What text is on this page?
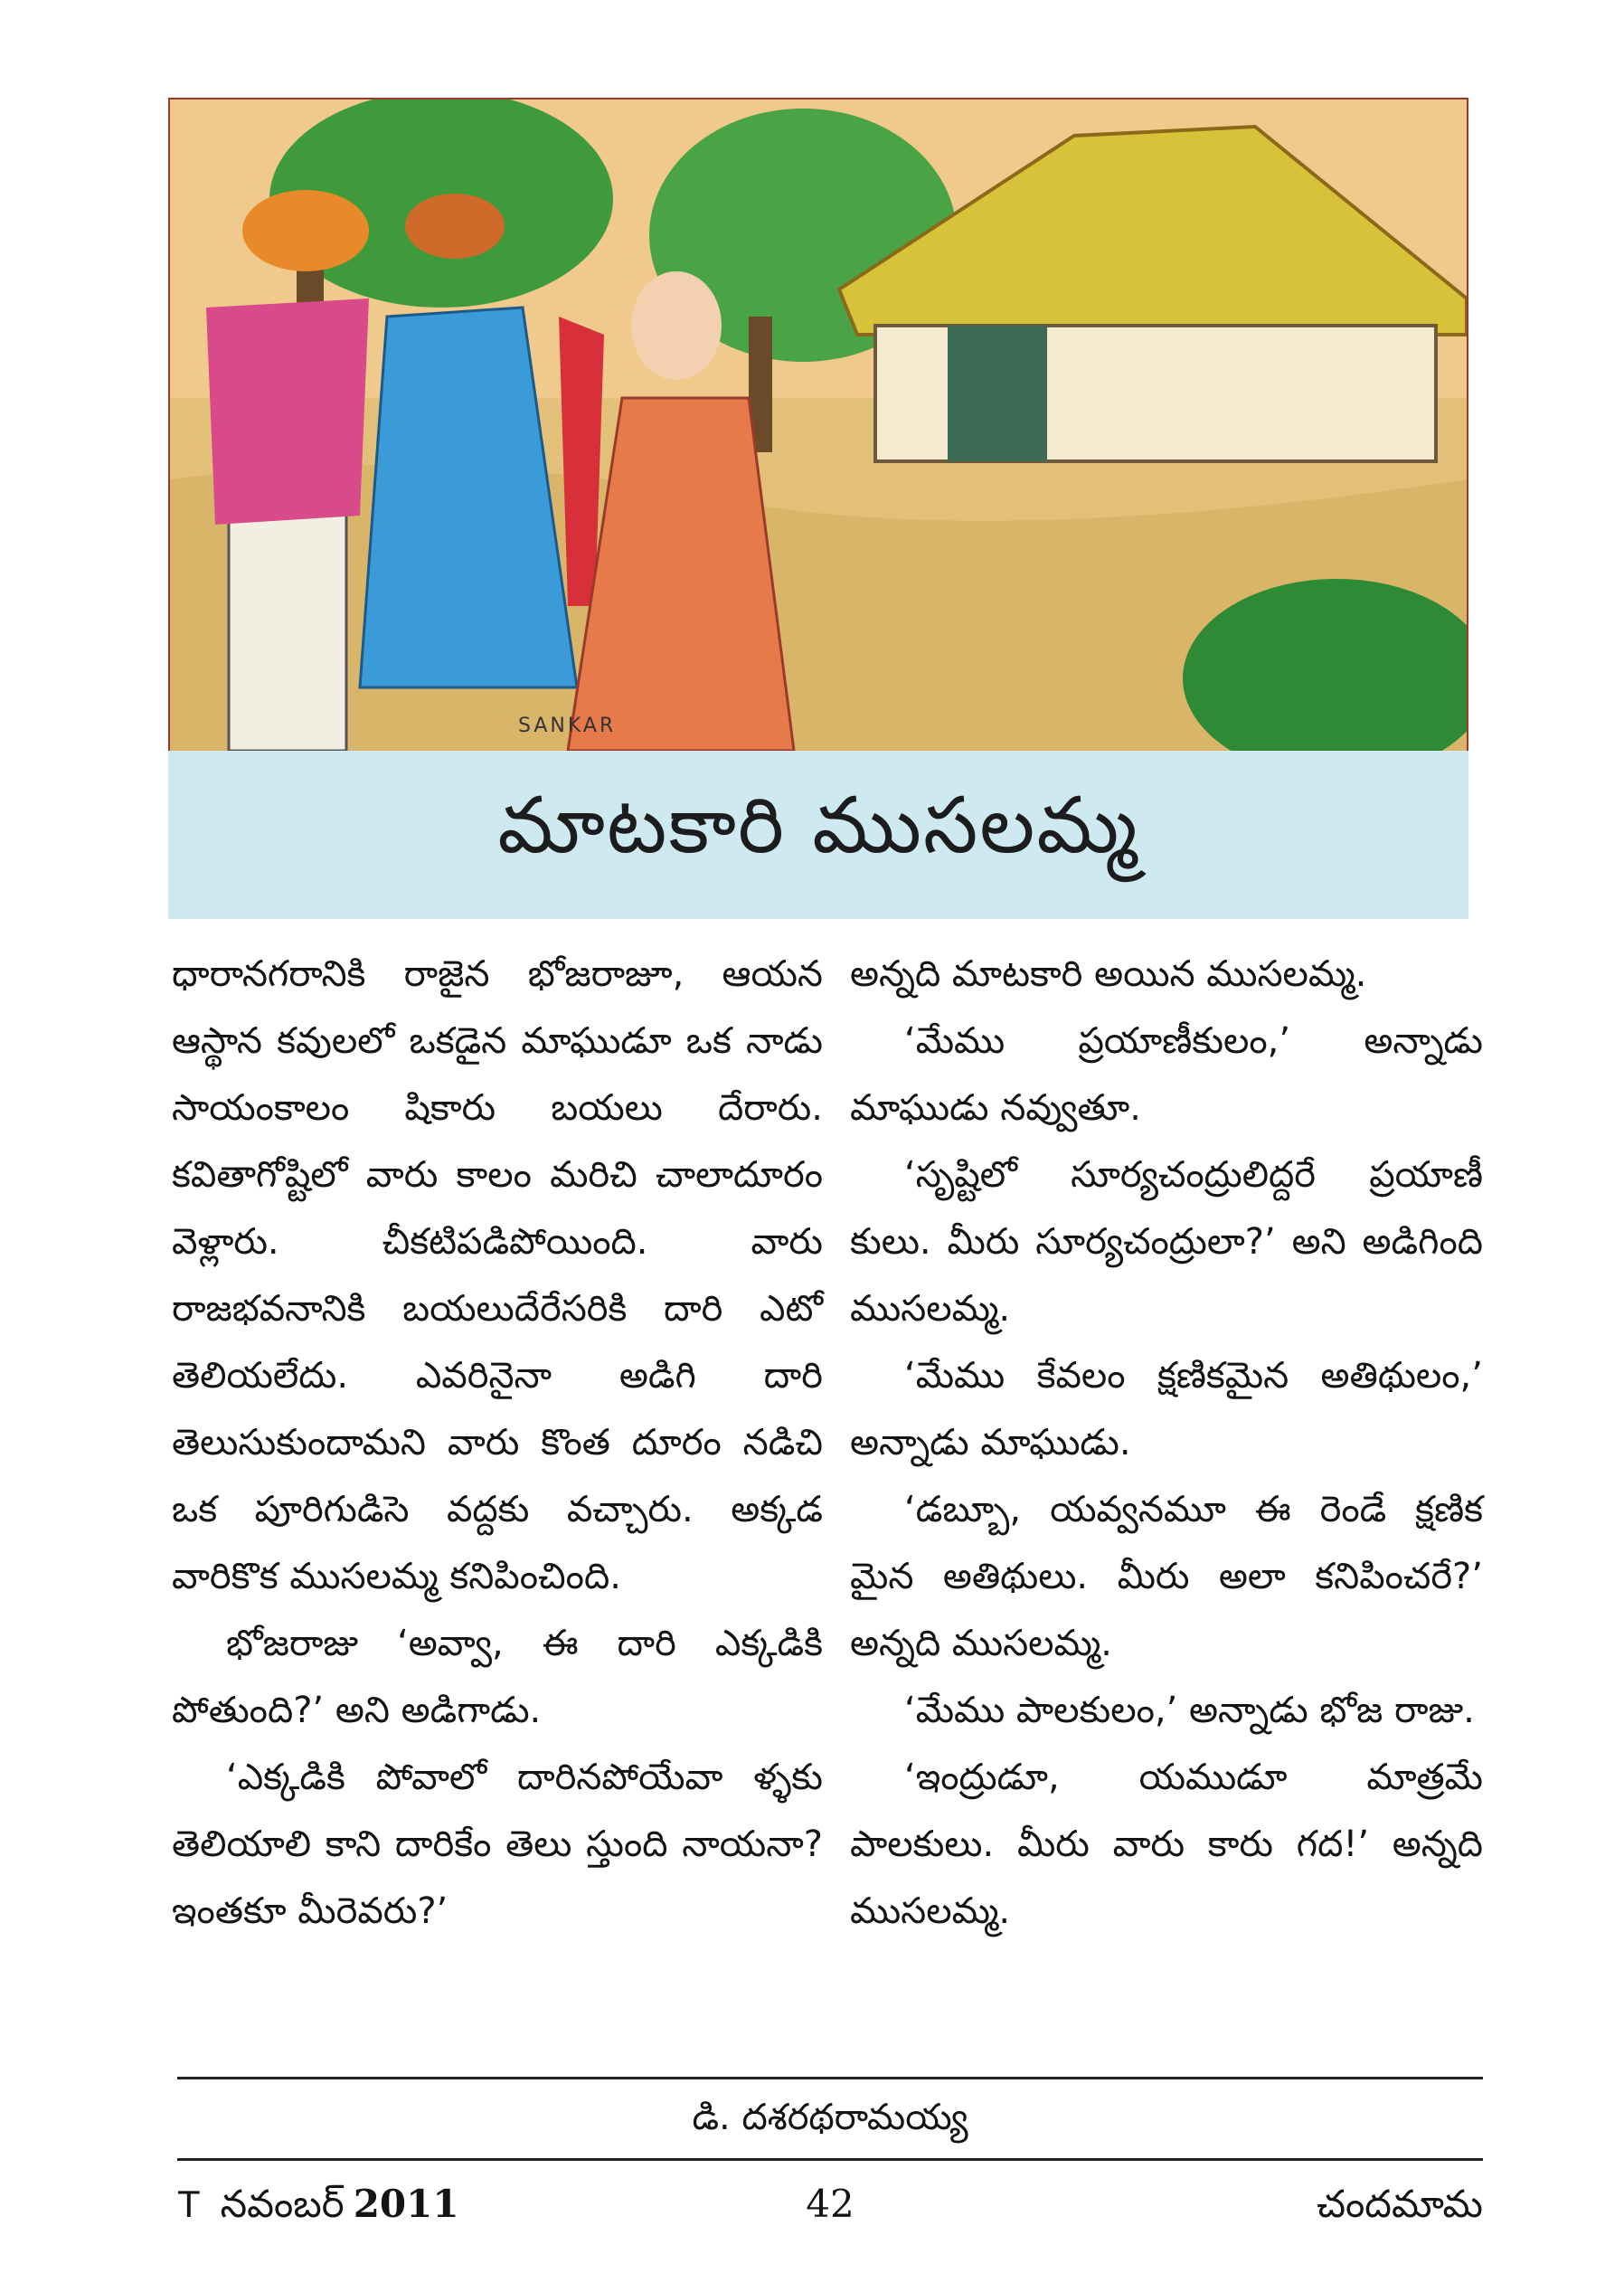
SANKAR
మాటకారి ముసలమ్మ

ధారానగరానికి రాజైన భోజరాజూ, ఆయన ఆస్థాన కవులలో ఒకడైన మాఘుడూ ఒక నాడు సాయంకాలం షికారు బయలు దేరారు. కవితాగోష్టిలో వారు కాలం మరిచి చాలాదూరం వెళ్లారు. చీకటిపడిపోయింది. వారు రాజభవనానికి బయలుదేరేసరికి దారి ఎటో తెలియలేదు. ఎవరినైనా అడిగి దారి తెలుసుకుందామని వారు కొంత దూరం నడిచి ఒక పూరిగుడిసె వద్దకు వచ్చారు. అక్కడ వారికొక ముసలమ్మ కనిపించింది.

భోజరాజు ‘అవ్వా, ఈ దారి ఎక్కడికి పోతుంది?’ అని అడిగాడు.

‘ఎక్కడికి పోవాలో దారినపోయేవా ళ్ళకు తెలియాలి కాని దారికేం తెలు స్తుంది నాయనా? ఇంతకూ మీరెవరు?’

అన్నది మాటకారి అయిన ముసలమ్మ.

‘మేము ప్రయాణీకులం,’ అన్నాడు మాఘుడు నవ్వుతూ.

‘సృష్టిలో సూర్యచంద్రులిద్దరే ప్రయాణీ కులు. మీరు సూర్యచంద్రులా?’ అని అడిగింది ముసలమ్మ.

‘మేము కేవలం క్షణికమైన అతిథులం,’ అన్నాడు మాఘుడు.

‘డబ్బూ, యవ్వనమూ ఈ రెండే క్షణిక మైన అతిథులు. మీరు అలా కనిపించరే?’ అన్నది ముసలమ్మ.

‘మేము పాలకులం,’ అన్నాడు భోజ రాజు.

‘ఇంద్రుడూ, యముడూ మాత్రమే పాలకులు. మీరు వారు కారు గద!’ అన్నది ముసలమ్మ.

డి. దశరథరామయ్య
T నవంబర్ 2011	42	చందమామ
